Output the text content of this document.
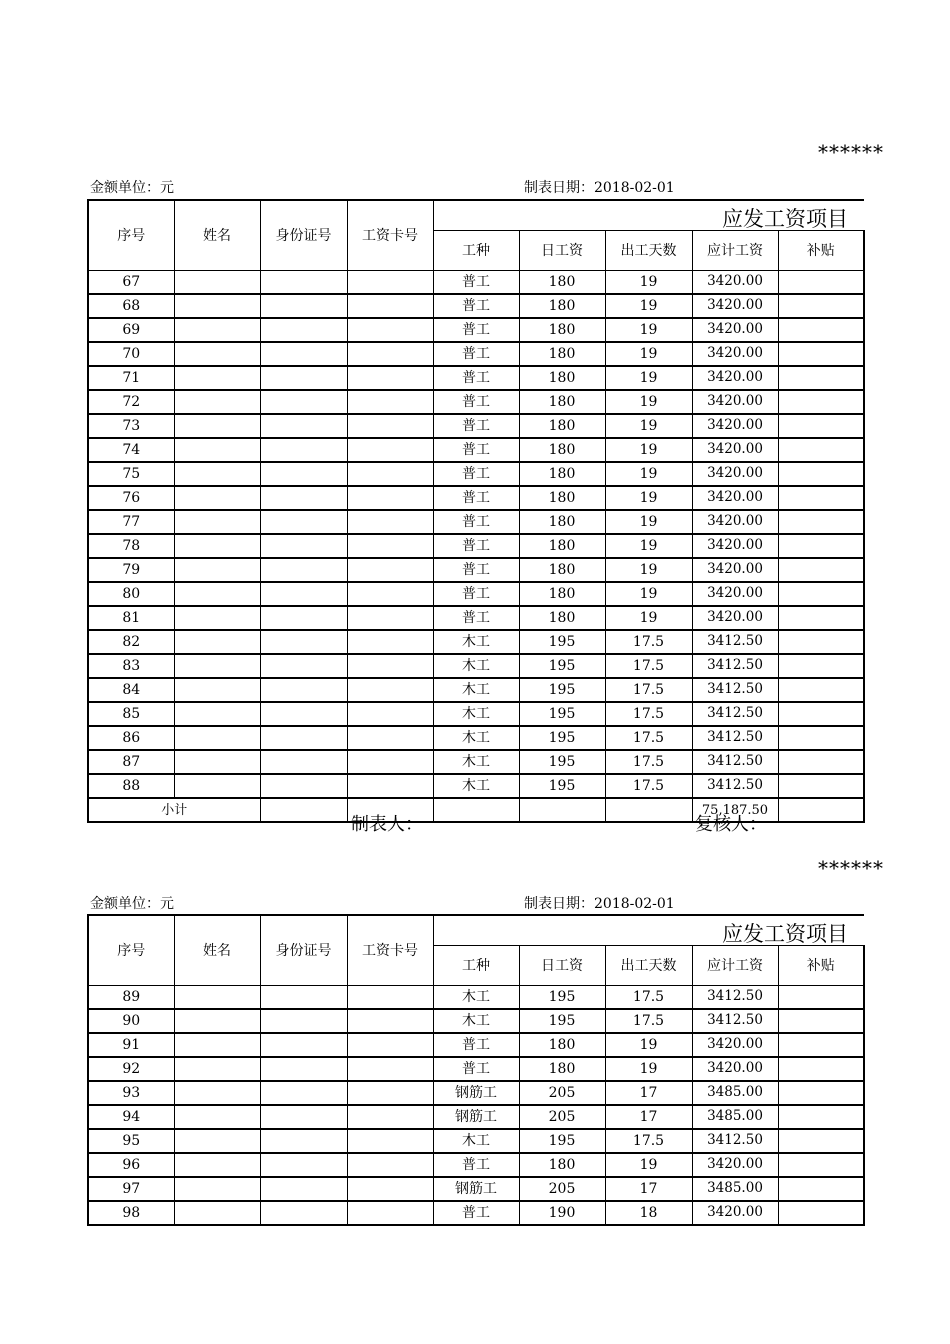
******
金额单位：元	制表日期：2018-02-01
序号	姓名	身份证号	工资卡号	应发工资项目				
				工种	日工资	出工天数	应计工资	补贴
67				普工	180	19	3420.00	
68				普工	180	19	3420.00	
69				普工	180	19	3420.00	
70				普工	180	19	3420.00	
71				普工	180	19	3420.00	
72				普工	180	19	3420.00	
73				普工	180	19	3420.00	
74				普工	180	19	3420.00	
75				普工	180	19	3420.00	
76				普工	180	19	3420.00	
77				普工	180	19	3420.00	
78				普工	180	19	3420.00	
79				普工	180	19	3420.00	
80				普工	180	19	3420.00	
81				普工	180	19	3420.00	
82				木工	195	17.5	3412.50	
83				木工	195	17.5	3412.50	
84				木工	195	17.5	3412.50	
85				木工	195	17.5	3412.50	
86				木工	195	17.5	3412.50	
87				木工	195	17.5	3412.50	
88				木工	195	17.5	3412.50	
小计							75,187.50	
制表人：	复核人：
******
金额单位：元	制表日期：2018-02-01
序号	姓名	身份证号	工资卡号	应发工资项目				
				工种	日工资	出工天数	应计工资	补贴
89				木工	195	17.5	3412.50	
90				木工	195	17.5	3412.50	
91				普工	180	19	3420.00	
92				普工	180	19	3420.00	
93				钢筋工	205	17	3485.00	
94				钢筋工	205	17	3485.00	
95				木工	195	17.5	3412.50	
96				普工	180	19	3420.00	
97				钢筋工	205	17	3485.00	
98				普工	190	18	3420.00	
